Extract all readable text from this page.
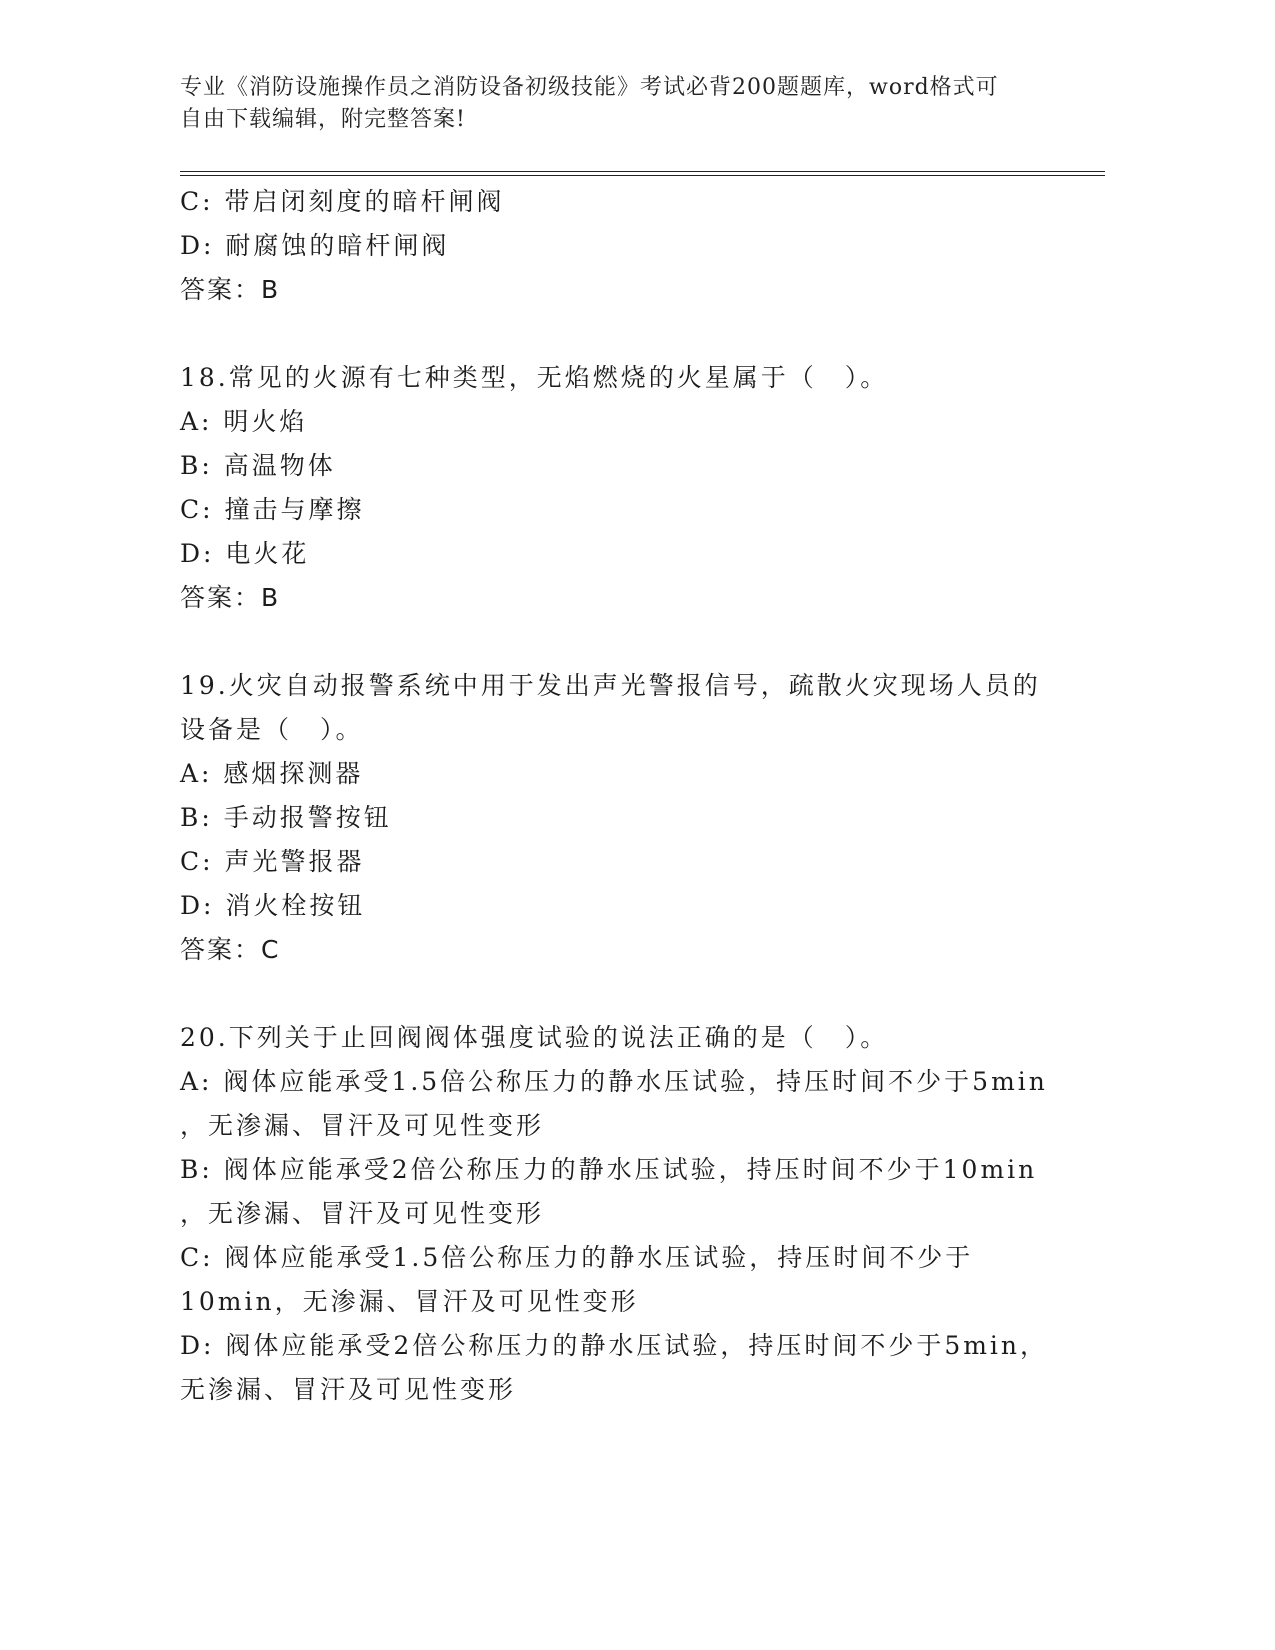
专业《消防设施操作员之消防设备初级技能》考试必背200题题库，word格式可
自由下载编辑，附完整答案!
C: 带启闭刻度的暗杆闸阀
D: 耐腐蚀的暗杆闸阀
答案：B
18.常见的火源有七种类型，无焰燃烧的火星属于（　）。
A: 明火焰
B: 高温物体
C: 撞击与摩擦
D: 电火花
答案：B
19.火灾自动报警系统中用于发出声光警报信号，疏散火灾现场人员的
设备是（　）。
A: 感烟探测器
B: 手动报警按钮
C: 声光警报器
D: 消火栓按钮
答案：C
20.下列关于止回阀阀体强度试验的说法正确的是（　）。
A: 阀体应能承受1.5倍公称压力的静水压试验，持压时间不少于5min
，无渗漏、冒汗及可见性变形
B: 阀体应能承受2倍公称压力的静水压试验，持压时间不少于10min
，无渗漏、冒汗及可见性变形
C: 阀体应能承受1.5倍公称压力的静水压试验，持压时间不少于
10min，无渗漏、冒汗及可见性变形
D: 阀体应能承受2倍公称压力的静水压试验，持压时间不少于5min，
无渗漏、冒汗及可见性变形
